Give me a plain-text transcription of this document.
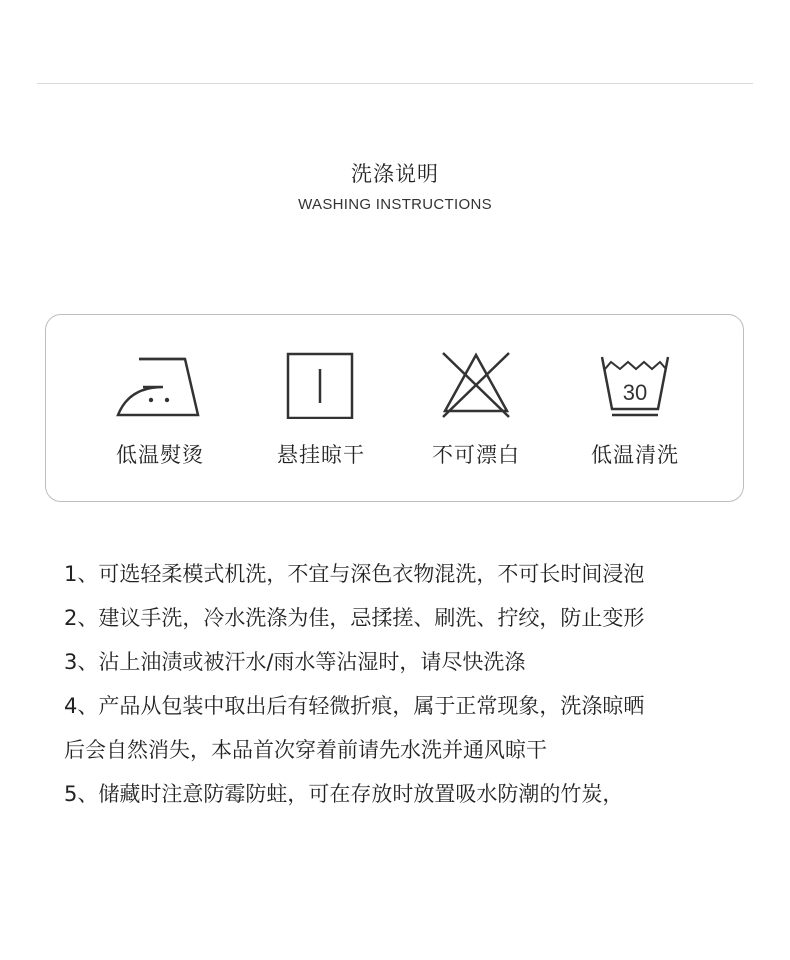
洗涤说明
WASHING INSTRUCTIONS
低温熨烫	悬挂晾干	不可漂白
30
低温清洗

1、可选轻柔模式机洗，不宜与深色衣物混洗，不可长时间浸泡

2、建议手洗，冷水洗涤为佳，忌揉搓、刷洗、拧绞，防止变形

3、沾上油渍或被汗水/雨水等沾湿时，请尽快洗涤

4、产品从包装中取出后有轻微折痕，属于正常现象，洗涤晾晒

后会自然消失，本品首次穿着前请先水洗并通风晾干

5、储藏时注意防霉防蛀，可在存放时放置吸水防潮的竹炭，
